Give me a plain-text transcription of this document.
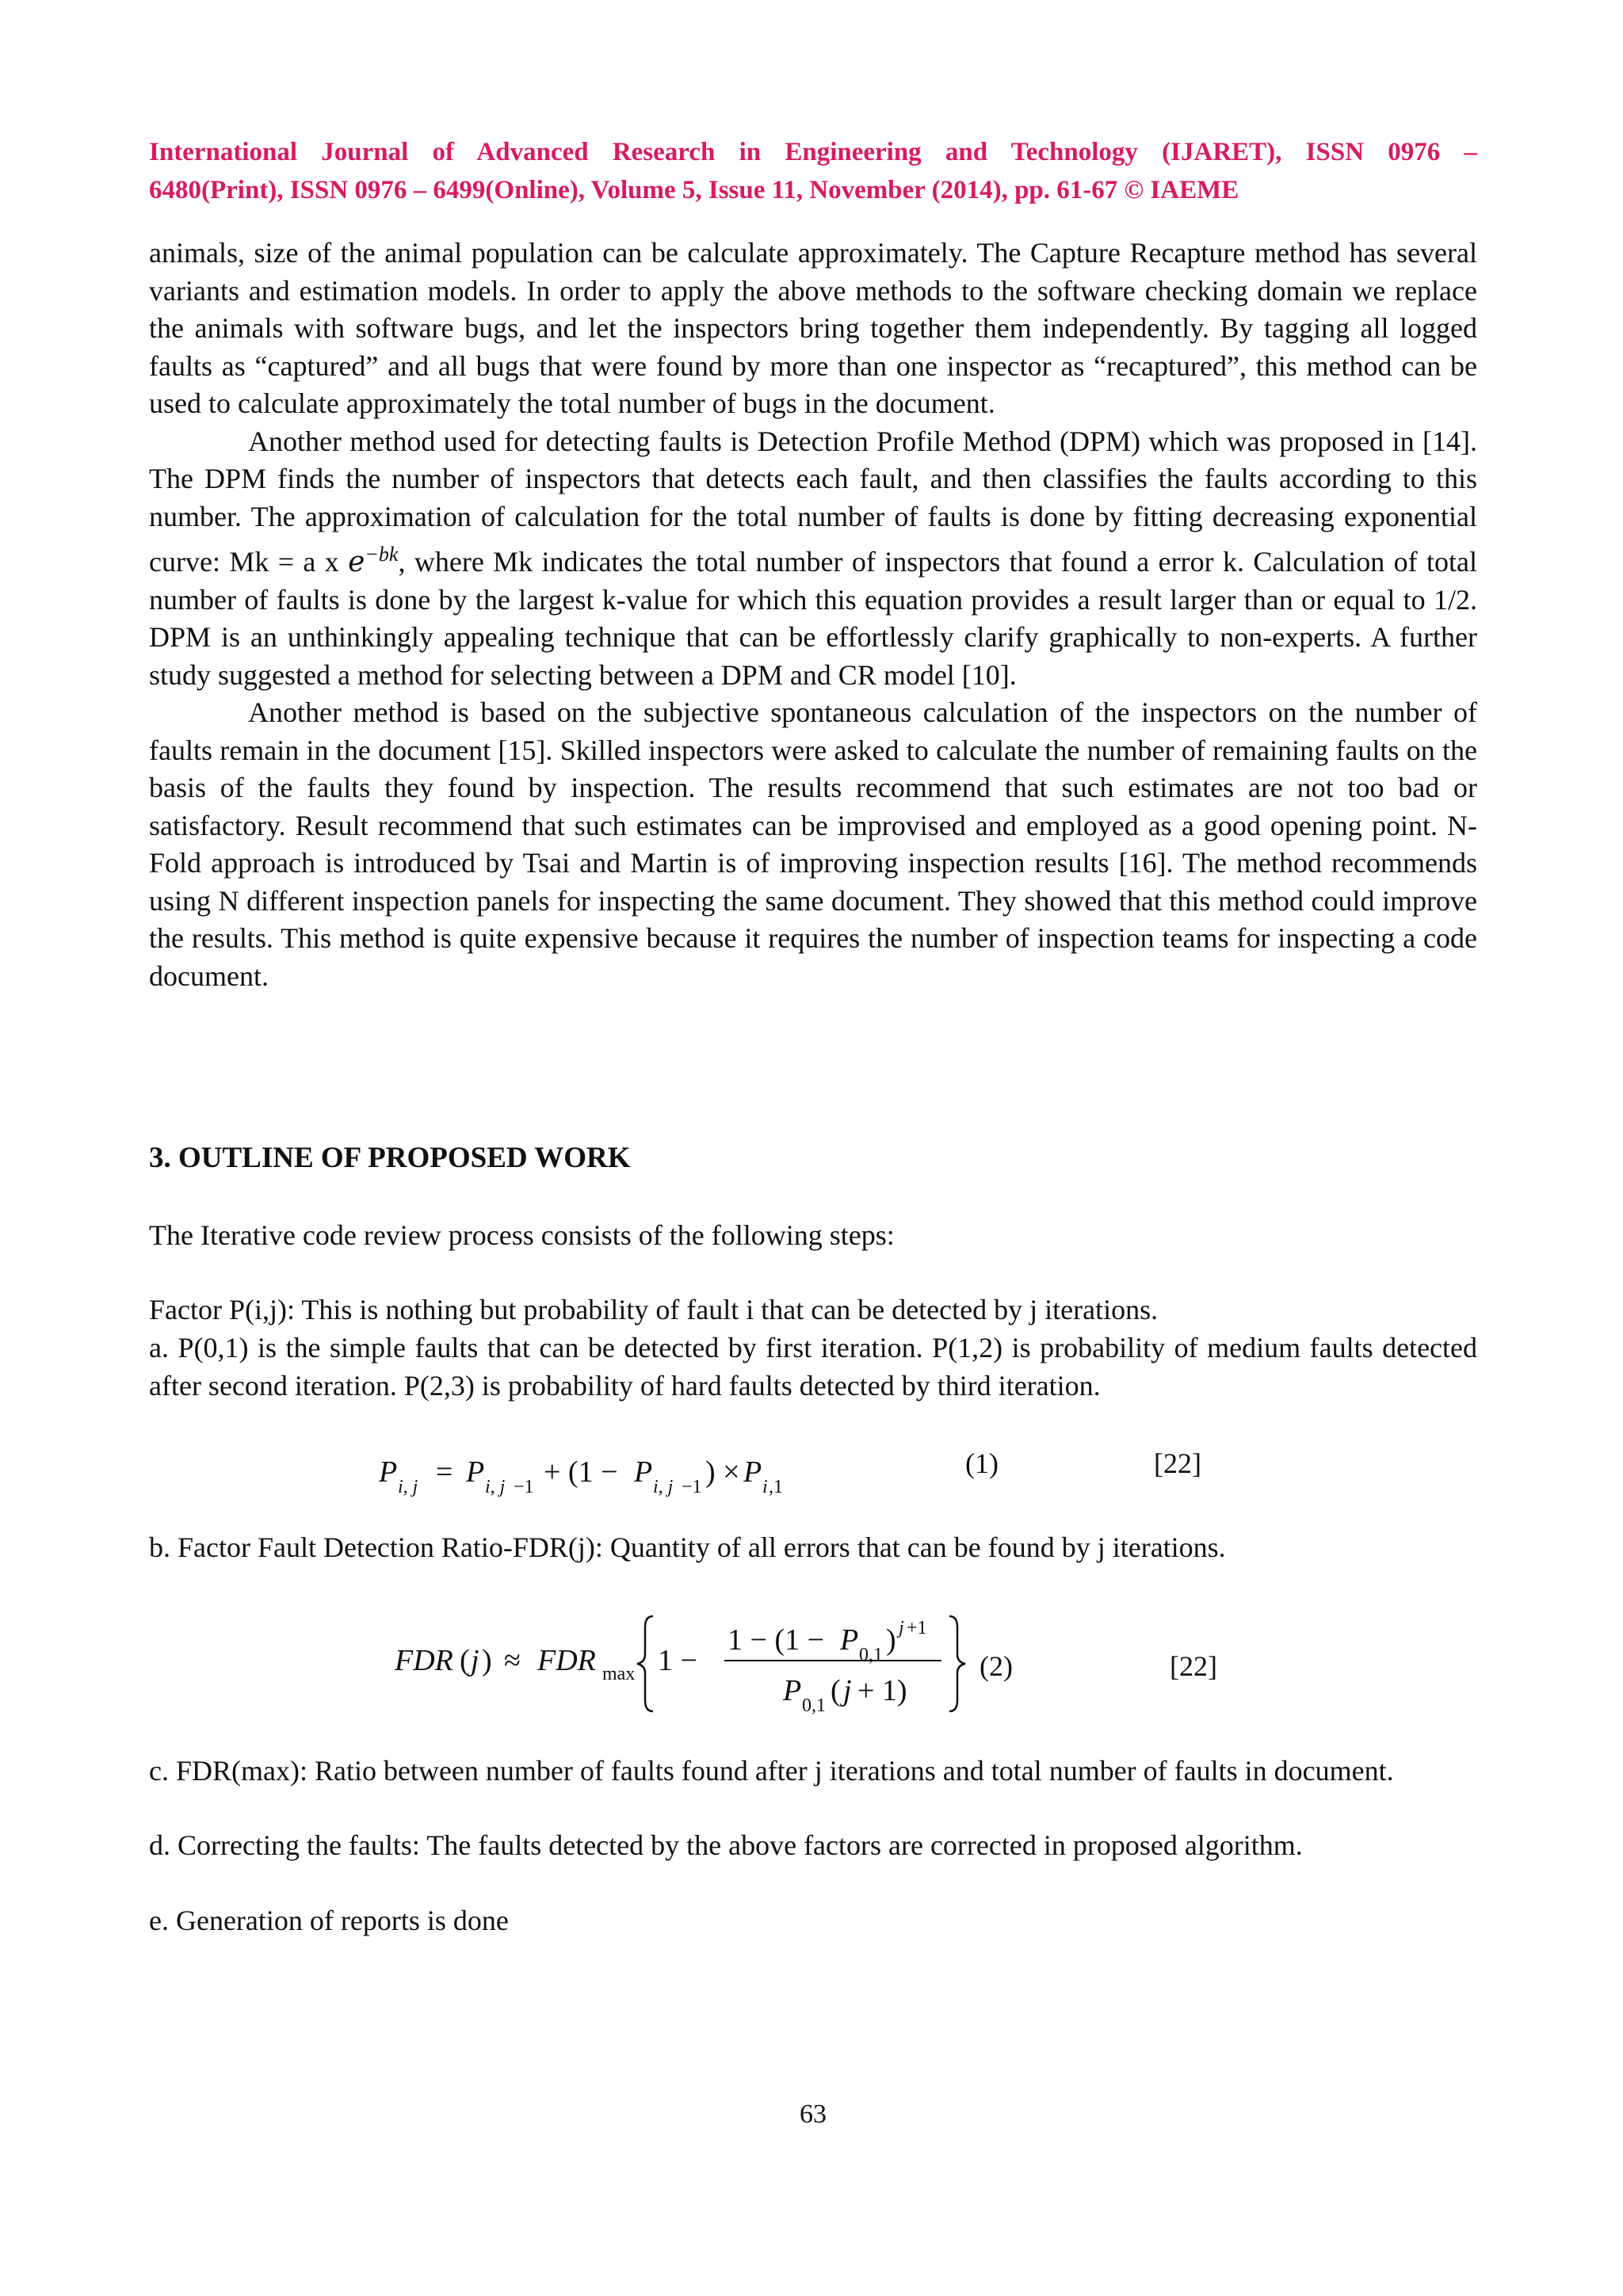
International Journal of Advanced Research in Engineering and Technology (IJARET), ISSN 0976 –
6480(Print), ISSN 0976 – 6499(Online), Volume 5, Issue 11, November (2014), pp. 61-67 © IAEME

animals, size of the animal population can be calculate approximately. The Capture Recapture method has several variants and estimation models. In order to apply the above methods to the software checking domain we replace the animals with software bugs, and let the inspectors bring together them independently. By tagging all logged faults as “captured” and all bugs that were found by more than one inspector as “recaptured”, this method can be used to calculate approximately the total number of bugs in the document.

Another method used for detecting faults is Detection Profile Method (DPM) which was proposed in [14]. The DPM finds the number of inspectors that detects each fault, and then classifies the faults according to this number. The approximation of calculation for the total number of faults is done by fitting decreasing exponential curve: Mk = a x $e^{-bk}$, where Mk indicates the total number of inspectors that found a error k. Calculation of total number of faults is done by the largest k-value for which this equation provides a result larger than or equal to 1/2. DPM is an unthinkingly appealing technique that can be effortlessly clarify graphically to non-experts. A further study suggested a method for selecting between a DPM and CR model [10].

Another method is based on the subjective spontaneous calculation of the inspectors on the number of faults remain in the document [15]. Skilled inspectors were asked to calculate the number of remaining faults on the basis of the faults they found by inspection. The results recommend that such estimates are not too bad or satisfactory. Result recommend that such estimates can be improvised and employed as a good opening point. N-Fold approach is introduced by Tsai and Martin is of improving inspection results [16]. The method recommends using N different inspection panels for inspecting the same document. They showed that this method could improve the results. This method is quite expensive because it requires the number of inspection teams for inspecting a code document.

3. OUTLINE OF PROPOSED WORK
The Iterative code review process consists of the following steps:
Factor P(i,j): This is nothing but probability of fault i that can be detected by j iterations.
a. P(0,1) is the simple faults that can be detected by first iteration. P(1,2) is probability of medium faults detected after second iteration. P(2,3) is probability of hard faults detected by third iteration.
P i, j = P i, j −1 + (1 − P i, j −1 ) × P i ,1
(1)	[22]
b. Factor Fault Detection Ratio-FDR(j): Quantity of all errors that can be found by j iterations.
FDR ( j ) ≈ FDR max 1 −
1 − (1 − P 0,1 ) j +1
P 0,1 ( j + 1)
(2)	[22]
c. FDR(max): Ratio between number of faults found after j iterations and total number of faults in document.
d. Correcting the faults: The faults detected by the above factors are corrected in proposed algorithm.
e. Generation of reports is done
63
